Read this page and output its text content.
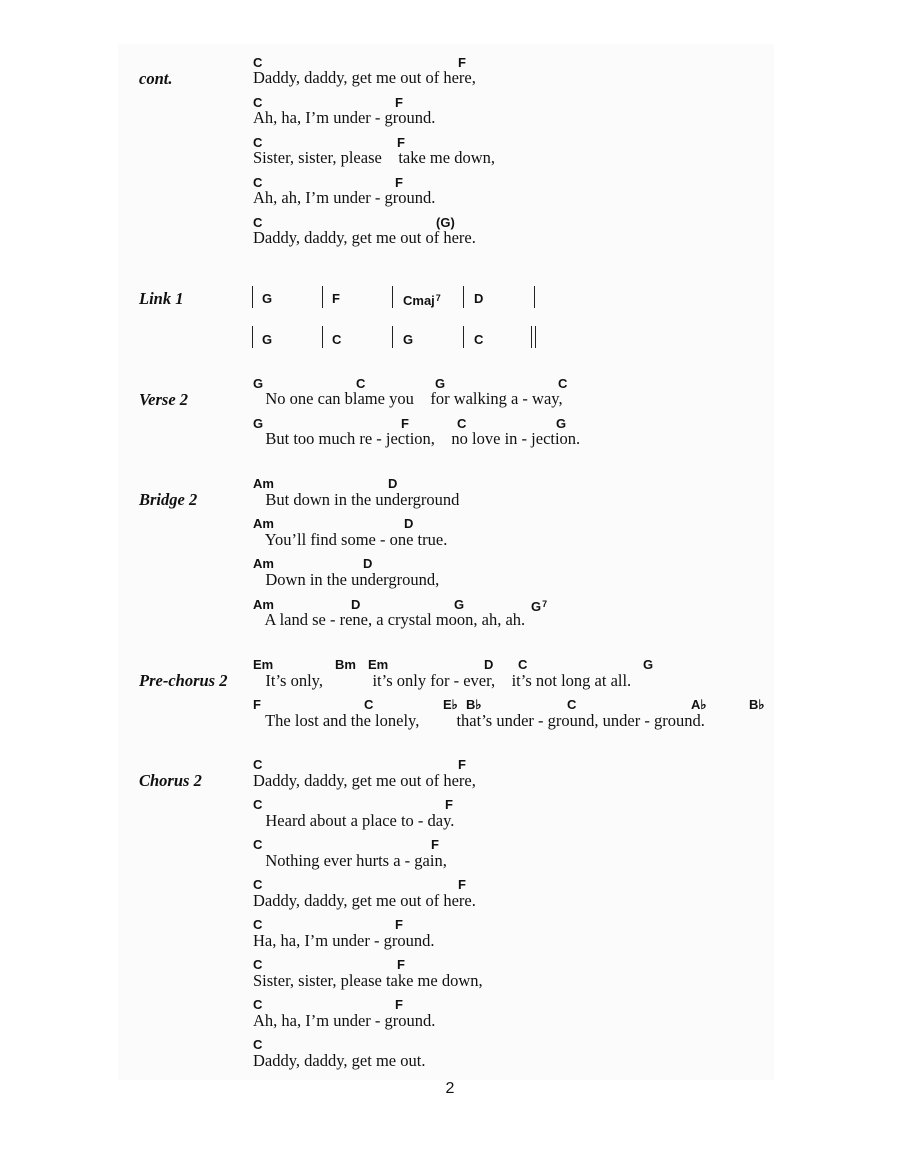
cont.
C	F
Daddy, daddy, get me out of here,
C	F
Ah, ha, I’m under - ground.
C	F
Sister, sister, please    take me down,
C	F
Ah, ah, I’m under - ground.
C	(G)
Daddy, daddy, get me out of here.
Link 1	G	F	Cmaj$^7$	D
G	C	G	C
Verse 2
G	C	G	C
No one can blame you    for walking a - way,
G	F	C	G
But too much re - jection,    no love in - jection.
Bridge 2
Am	D
But down in the underground
Am	D
You’ll find some - one true.
Am	D
Down in the underground,
Am	D	G	$G^7$
A land se - rene, a crystal moon, ah, ah.
Pre-chorus 2
Em	Bm Em	D C	G
It’s only,            it’s only for - ever,    it’s not long at all.
F	C	E♭ B♭	C	A♭	B♭
The lost and the lonely,         that’s under - ground, under - ground.
Chorus 2
C	F
Daddy, daddy, get me out of here,
C	F
Heard about a place to - day.
C	F
Nothing ever hurts a - gain,
C	F
Daddy, daddy, get me out of here.
C	F
Ha, ha, I’m under - ground.
C	F
Sister, sister, please take me down,
C	F
Ah, ha, I’m under - ground.
C
Daddy, daddy, get me out.
2
